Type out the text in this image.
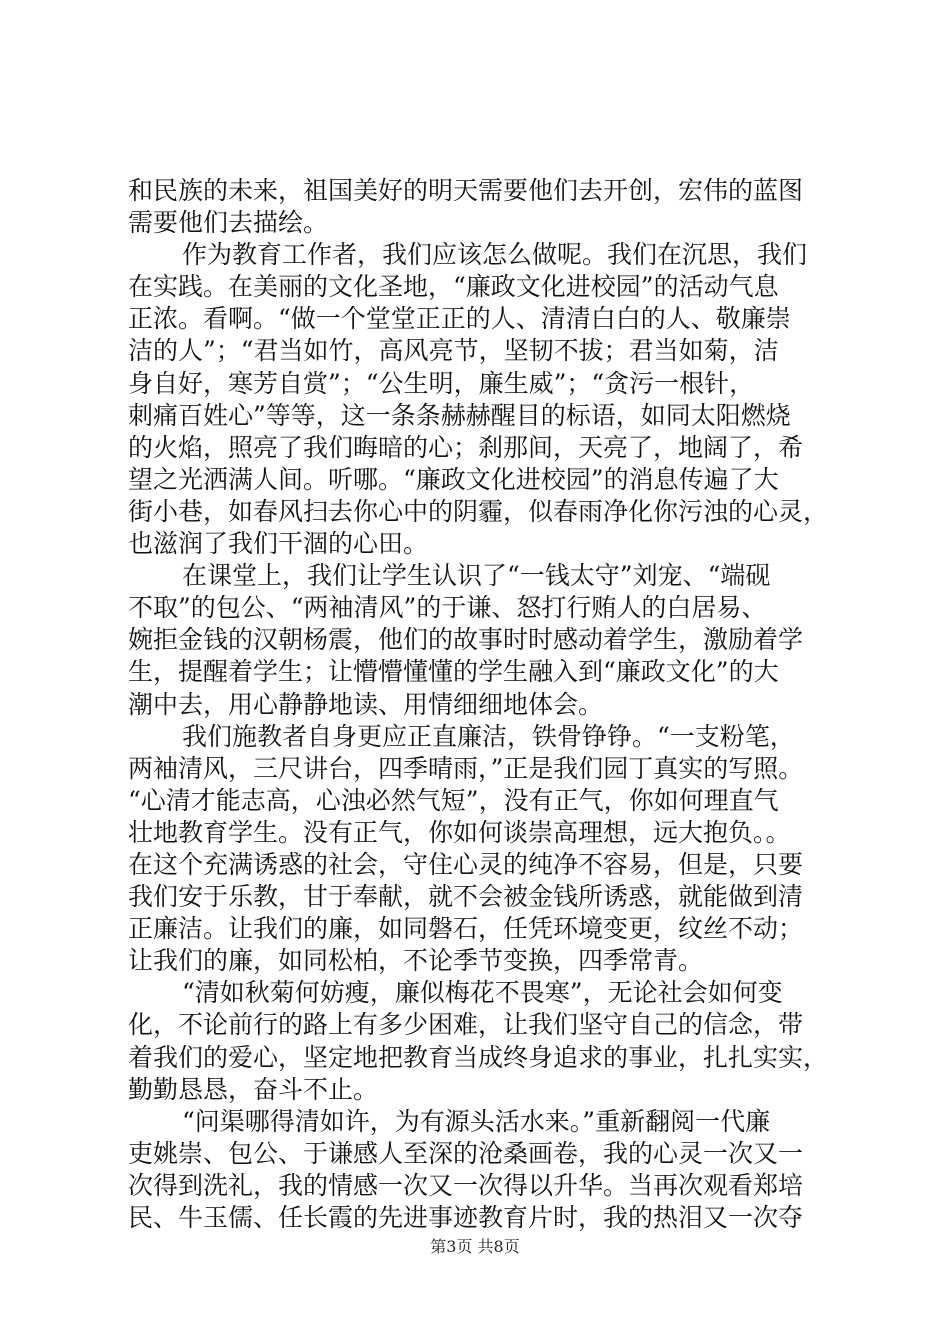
和民族的未来，祖国美好的明天需要他们去开创，宏伟的蓝图
需要他们去描绘。
作为教育工作者，我们应该怎么做呢。我们在沉思，我们
在实践。在美丽的文化圣地，“廉政文化进校园”的活动气息
正浓。看啊。“做一个堂堂正正的人、清清白白的人、敬廉崇
洁的人”；“君当如竹，高风亮节，坚韧不拔；君当如菊，洁
身自好，寒芳自赏”；“公生明，廉生威”；“贪污一根针，
刺痛百姓心”等等，这一条条赫赫醒目的标语，如同太阳燃烧
的火焰，照亮了我们晦暗的心；刹那间，天亮了，地阔了，希
望之光洒满人间。听哪。“廉政文化进校园”的消息传遍了大
街小巷，如春风扫去你心中的阴霾，似春雨净化你污浊的心灵，
也滋润了我们干涸的心田。
在课堂上，我们让学生认识了“一钱太守”刘宠、“端砚
不取”的包公、“两袖清风”的于谦、怒打行贿人的白居易、
婉拒金钱的汉朝杨震，他们的故事时时感动着学生，激励着学
生，提醒着学生；让懵懵懂懂的学生融入到“廉政文化”的大
潮中去，用心静静地读、用情细细地体会。
我们施教者自身更应正直廉洁，铁骨铮铮。“一支粉笔，
两袖清风，三尺讲台，四季晴雨，”正是我们园丁真实的写照。
“心清才能志高，心浊必然气短”，没有正气，你如何理直气
壮地教育学生。没有正气，你如何谈崇高理想，远大抱负。。
在这个充满诱惑的社会，守住心灵的纯净不容易，但是，只要
我们安于乐教，甘于奉献，就不会被金钱所诱惑，就能做到清
正廉洁。让我们的廉，如同磐石，任凭环境变更，纹丝不动；
让我们的廉，如同松柏，不论季节变换，四季常青。
“清如秋菊何妨瘦，廉似梅花不畏寒”，无论社会如何变
化，不论前行的路上有多少困难，让我们坚守自己的信念，带
着我们的爱心，坚定地把教育当成终身追求的事业，扎扎实实，
勤勤恳恳，奋斗不止。
“问渠哪得清如许，为有源头活水来。”重新翻阅一代廉
吏姚崇、包公、于谦感人至深的沧桑画卷，我的心灵一次又一
次得到洗礼，我的情感一次又一次得以升华。当再次观看郑培
民、牛玉儒、任长霞的先进事迹教育片时，我的热泪又一次夺
第3页 共8页
